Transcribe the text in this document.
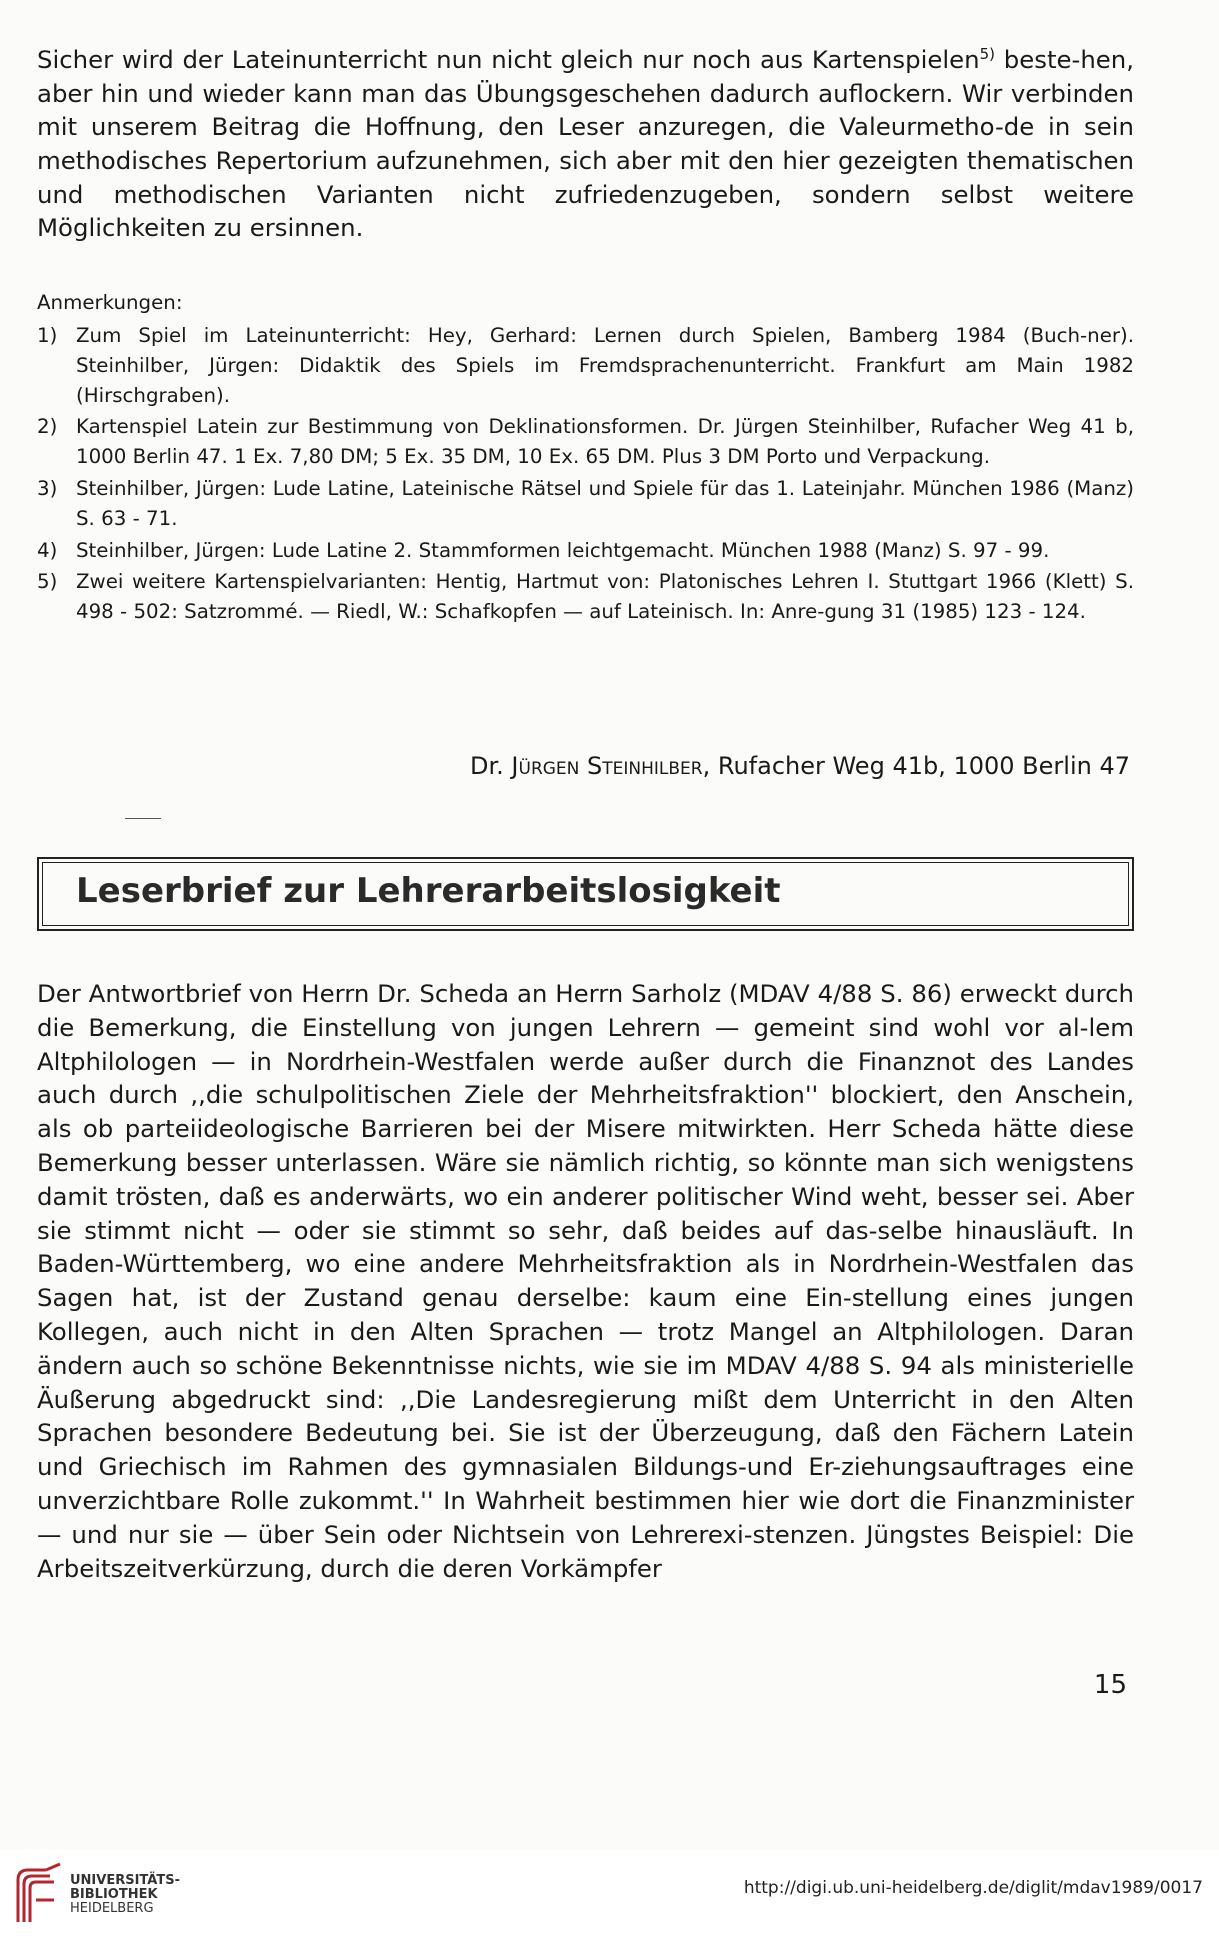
Sicher wird der Lateinunterricht nun nicht gleich nur noch aus Kartenspielen$^{5)}$ beste-hen, aber hin und wieder kann man das Übungsgeschehen dadurch auflockern. Wir verbinden mit unserem Beitrag die Hoffnung, den Leser anzuregen, die Valeurmetho-de in sein methodisches Repertorium aufzunehmen, sich aber mit den hier gezeigten thematischen und methodischen Varianten nicht zufriedenzugeben, sondern selbst weitere Möglichkeiten zu ersinnen.

Anmerkungen:

1) Zum Spiel im Lateinunterricht: Hey, Gerhard: Lernen durch Spielen, Bamberg 1984 (Buch-ner). Steinhilber, Jürgen: Didaktik des Spiels im Fremdsprachenunterricht. Frankfurt am Main 1982 (Hirschgraben).
2) Kartenspiel Latein zur Bestimmung von Deklinationsformen. Dr. Jürgen Steinhilber, Rufacher Weg 41 b, 1000 Berlin 47. 1 Ex. 7,80 DM; 5 Ex. 35 DM, 10 Ex. 65 DM. Plus 3 DM Porto und Verpackung.
3) Steinhilber, Jürgen: Lude Latine, Lateinische Rätsel und Spiele für das 1. Lateinjahr. München 1986 (Manz) S. 63 - 71.
4) Steinhilber, Jürgen: Lude Latine 2. Stammformen leichtgemacht. München 1988 (Manz) S. 97 - 99.
5) Zwei weitere Kartenspielvarianten: Hentig, Hartmut von: Platonisches Lehren I. Stuttgart 1966 (Klett) S. 498 - 502: Satzrommé. — Riedl, W.: Schafkopfen — auf Lateinisch. In: Anre-gung 31 (1985) 123 - 124.

Dr. Jürgen Steinhilber, Rufacher Weg 41b, 1000 Berlin 47

Leserbrief zur Lehrerarbeitslosigkeit

Der Antwortbrief von Herrn Dr. Scheda an Herrn Sarholz (MDAV 4/88 S. 86) erweckt durch die Bemerkung, die Einstellung von jungen Lehrern — gemeint sind wohl vor al-lem Altphilologen — in Nordrhein-Westfalen werde außer durch die Finanznot des Landes auch durch ,,die schulpolitischen Ziele der Mehrheitsfraktion'' blockiert, den Anschein, als ob parteiideologische Barrieren bei der Misere mitwirkten. Herr Scheda hätte diese Bemerkung besser unterlassen. Wäre sie nämlich richtig, so könnte man sich wenigstens damit trösten, daß es anderwärts, wo ein anderer politischer Wind weht, besser sei. Aber sie stimmt nicht — oder sie stimmt so sehr, daß beides auf das-selbe hinausläuft. In Baden-Württemberg, wo eine andere Mehrheitsfraktion als in Nordrhein-Westfalen das Sagen hat, ist der Zustand genau derselbe: kaum eine Ein-stellung eines jungen Kollegen, auch nicht in den Alten Sprachen — trotz Mangel an Altphilologen. Daran ändern auch so schöne Bekenntnisse nichts, wie sie im MDAV 4/88 S. 94 als ministerielle Äußerung abgedruckt sind: ,,Die Landesregierung mißt dem Unterricht in den Alten Sprachen besondere Bedeutung bei. Sie ist der Überzeugung, daß den Fächern Latein und Griechisch im Rahmen des gymnasialen Bildungs-und Er-ziehungsauftrages eine unverzichtbare Rolle zukommt.'' In Wahrheit bestimmen hier wie dort die Finanzminister — und nur sie — über Sein oder Nichtsein von Lehrerexi-stenzen. Jüngstes Beispiel: Die Arbeitszeitverkürzung, durch die deren Vorkämpfer

15

UNIVERSITÄTS-
BIBLIOTHEK
HEIDELBERG

http://digi.ub.uni-heidelberg.de/diglit/mdav1989/0017
